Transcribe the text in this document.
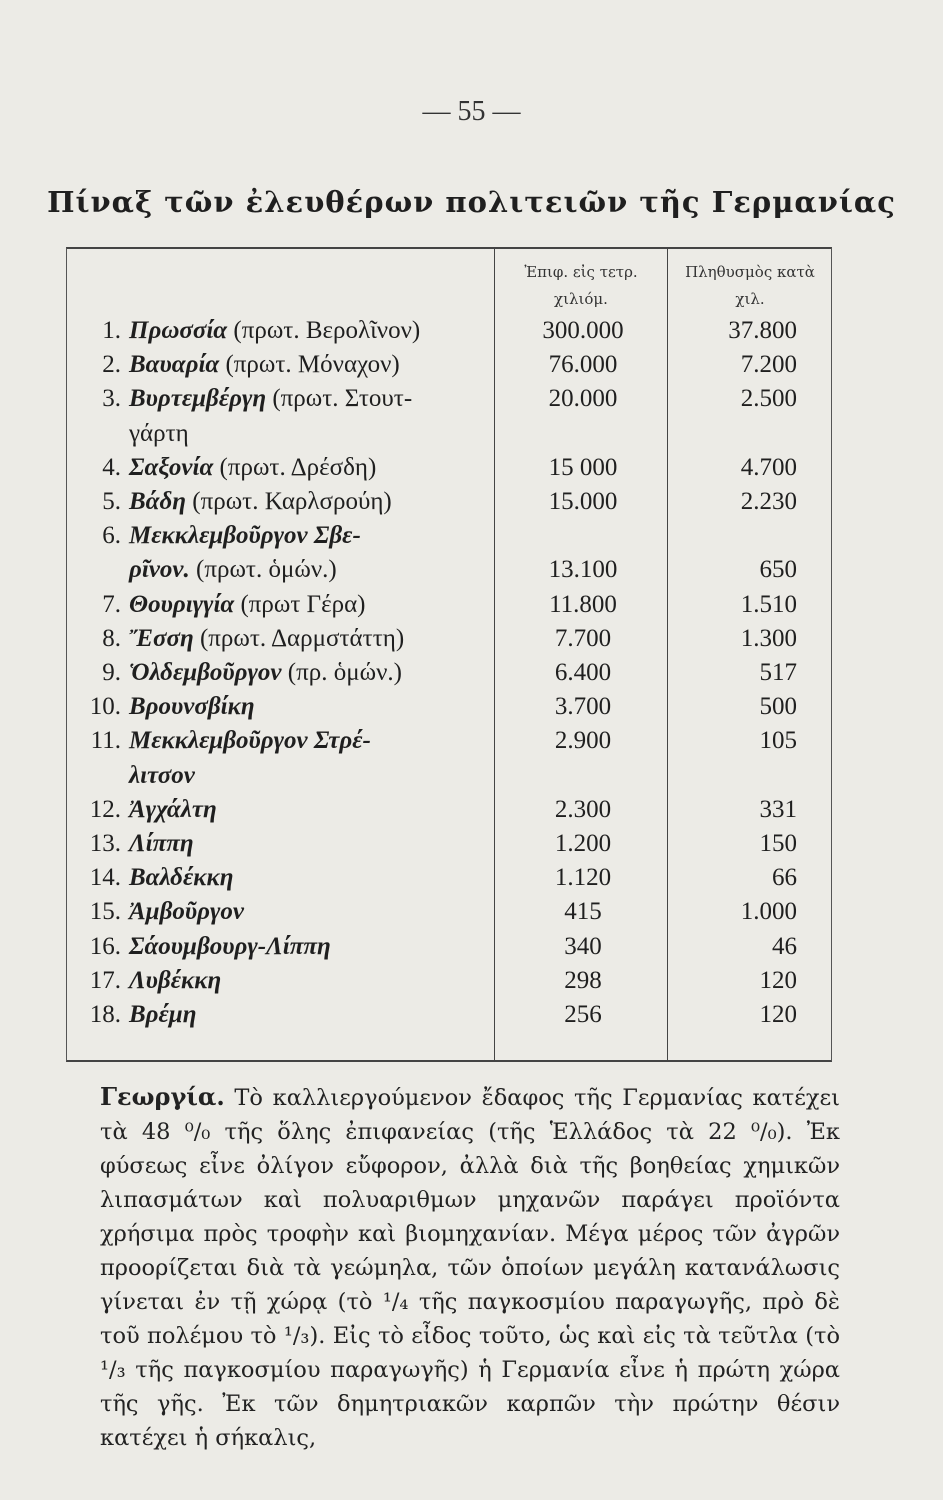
— 55 —
Πίναξ τῶν ἐλευθέρων πολιτειῶν τῆς Γερμανίας
Ἐπιφ. εἰς τετρ. χιλιόμ.
Πληθυσμὸς κατὰ χιλ.
1. Πρωσσία (πρωτ. Βερολῖνον)	300.000	37.800
2. Βαυαρία (πρωτ. Μόναχον)	76.000	7.200
3. Βυρτεμβέργη (πρωτ. Στουτ-	20.000	2.500
γάρτη
4. Σαξονία (πρωτ. Δρέσδη)	15 000	4.700
5. Βάδη (πρωτ. Καρλσρούη)	15.000	2.230
6. Μεκκλεμβοῦργον Σβε-
ρῖνον. (πρωτ. ὁμών.)	13.100	650
7. Θουριγγία (πρωτ Γέρα)	11.800	1.510
8. Ἔσση (πρωτ. Δαρμστάττη)	7.700	1.300
9. Ὁλδεμβοῦργον (πρ. ὁμών.)	6.400	517
10. Βρουνσβίκη	3.700	500
11. Μεκκλεμβοῦργον Στρέ-	2.900	105
λιτσον
12. Ἀγχάλτη	2.300	331
13. Λίππη	1.200	150
14. Βαλδέκκη	1.120	66
15. Ἀμβοῦργον	415	1.000
16. Σάουμβουργ-Λίππη	340	46
17. Λυβέκκη	298	120
18. Βρέμη	256	120
Γεωργία. Τὸ καλλιεργούμενον ἔδαφος τῆς Γερμανίας κατέχει τὰ 48 ⁰/₀ τῆς ὅλης ἐπιφανείας (τῆς Ἑλλάδος τὰ 22 ⁰/₀). Ἐκ φύσεως εἶνε ὀλίγον εὔφορον, ἀλλὰ διὰ τῆς βοηθείας χημικῶν λιπασμάτων καὶ πολυαριθμων μηχανῶν παράγει προϊόντα χρήσιμα πρὸς τροφὴν καὶ βιομηχανίαν. Μέγα μέρος τῶν ἀγρῶν προορίζεται διὰ τὰ γεώμηλα, τῶν ὁποίων μεγάλη κατανάλωσις γίνεται ἐν τῇ χώρᾳ (τὸ ¹/₄ τῆς παγκοσμίου παραγωγῆς, πρὸ δὲ τοῦ πολέμου τὸ ¹/₃). Εἰς τὸ εἶδος τοῦτο, ὡς καὶ εἰς τὰ τεῦτλα (τὸ ¹/₃ τῆς παγκοσμίου παραγωγῆς) ἡ Γερμανία εἶνε ἡ πρώτη χώρα τῆς γῆς. Ἐκ τῶν δημητριακῶν καρπῶν τὴν πρώτην θέσιν κατέχει ἡ σήκαλις,
